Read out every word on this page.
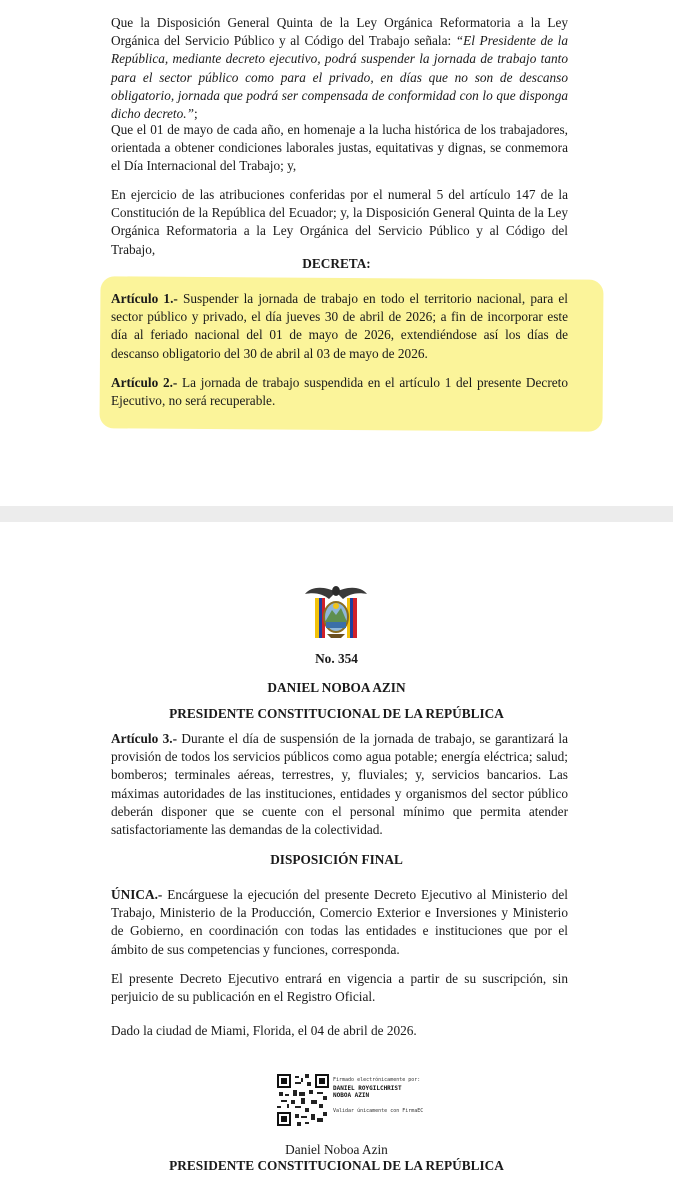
Que la Disposición General Quinta de la Ley Orgánica Reformatoria a la Ley Orgánica del Servicio Público y al Código del Trabajo señala: “El Presidente de la República, mediante decreto ejecutivo, podrá suspender la jornada de trabajo tanto para el sector público como para el privado, en días que no son de descanso obligatorio, jornada que podrá ser compensada de conformidad con lo que disponga dicho decreto.”;

Que el 01 de mayo de cada año, en homenaje a la lucha histórica de los trabajadores, orientada a obtener condiciones laborales justas, equitativas y dignas, se conmemora el Día Internacional del Trabajo; y,

En ejercicio de las atribuciones conferidas por el numeral 5 del artículo 147 de la Constitución de la República del Ecuador; y, la Disposición General Quinta de la Ley Orgánica Reformatoria a la Ley Orgánica del Servicio Público y al Código del Trabajo,

DECRETA:

Artículo 1.- Suspender la jornada de trabajo en todo el territorio nacional, para el sector público y privado, el día jueves 30 de abril de 2026; a fin de incorporar este día al feriado nacional del 01 de mayo de 2026, extendiéndose así los días de descanso obligatorio del 30 de abril al 03 de mayo de 2026.

Artículo 2.- La jornada de trabajo suspendida en el artículo 1 del presente Decreto Ejecutivo, no será recuperable.

No. 354

DANIEL NOBOA AZIN

PRESIDENTE CONSTITUCIONAL DE LA REPÚBLICA

Artículo 3.- Durante el día de suspensión de la jornada de trabajo, se garantizará la provisión de todos los servicios públicos como agua potable; energía eléctrica; salud; bomberos; terminales aéreas, terrestres, y, fluviales; y, servicios bancarios. Las máximas autoridades de las instituciones, entidades y organismos del sector público deberán disponer que se cuente con el personal mínimo que permita atender satisfactoriamente las demandas de la colectividad.

DISPOSICIÓN FINAL

ÚNICA.- Encárguese la ejecución del presente Decreto Ejecutivo al Ministerio del Trabajo, Ministerio de la Producción, Comercio Exterior e Inversiones y Ministerio de Gobierno, en coordinación con todas las entidades e instituciones que por el ámbito de sus competencias y funciones, corresponda.

El presente Decreto Ejecutivo entrará en vigencia a partir de su suscripción, sin perjuicio de su publicación en el Registro Oficial.

Dado la ciudad de Miami, Florida, el 04 de abril de 2026.

Firmado electrónicamente por:
DANIEL ROYGILCHRIST
NOBOA AZIN
Validar únicamente con FirmaEC

Daniel Noboa Azin

PRESIDENTE CONSTITUCIONAL DE LA REPÚBLICA
